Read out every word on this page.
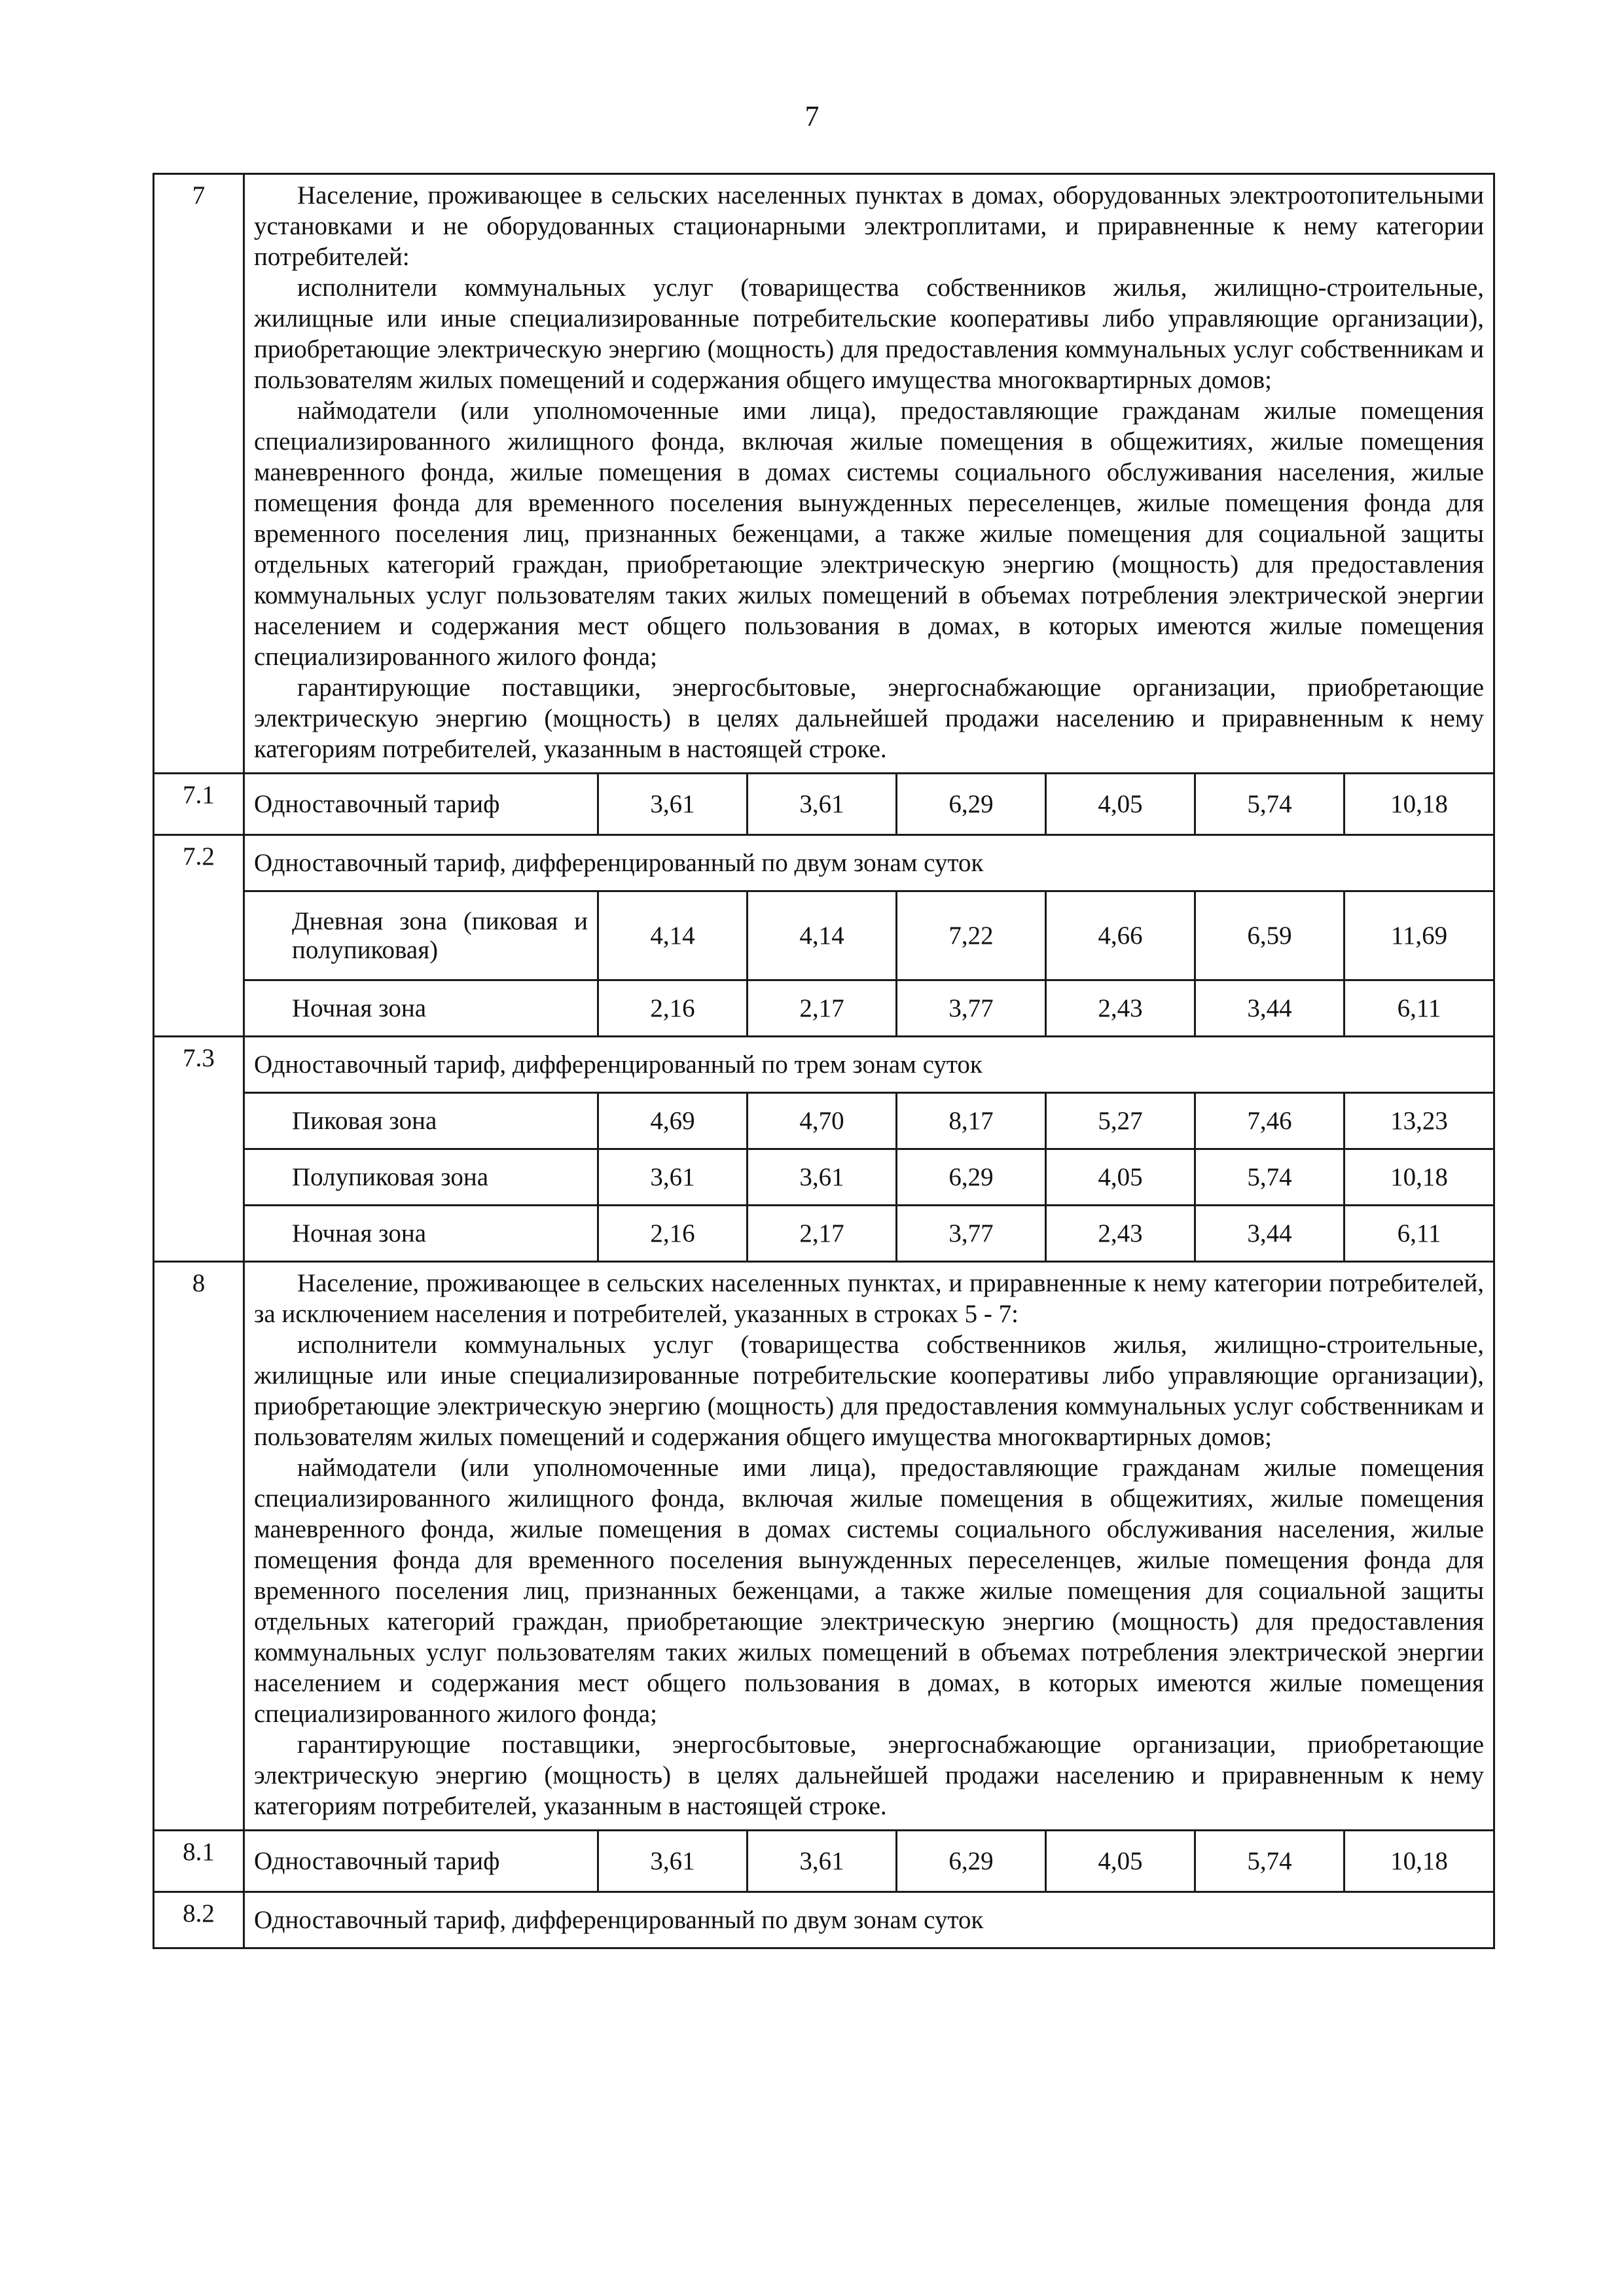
7
7	Население, проживающее в сельских населенных пунктах в домах, оборудованных электроотопительными установками и не оборудованных стационарными электроплитами, и приравненные к нему категории потребителей:

исполнители коммунальных услуг (товарищества собственников жилья, жилищно-строительные, жилищные или иные специализированные потребительские кооперативы либо управляющие организации), приобретающие электрическую энергию (мощность) для предоставления коммунальных услуг собственникам и пользователям жилых помещений и содержания общего имущества многоквартирных домов;

наймодатели (или уполномоченные ими лица), предоставляющие гражданам жилые помещения специализированного жилищного фонда, включая жилые помещения в общежитиях, жилые помещения маневренного фонда, жилые помещения в домах системы социального обслуживания населения, жилые помещения фонда для временного поселения вынужденных переселенцев, жилые помещения фонда для временного поселения лиц, признанных беженцами, а также жилые помещения для социальной защиты отдельных категорий граждан, приобретающие электрическую энергию (мощность) для предоставления коммунальных услуг пользователям таких жилых помещений в объемах потребления электрической энергии населением и содержания мест общего пользования в домах, в которых имеются жилые помещения специализированного жилого фонда;

гарантирующие поставщики, энергосбытовые, энергоснабжающие организации, приобретающие электрическую энергию (мощность) в целях дальнейшей продажи населению и приравненным к нему категориям потребителей, указанным в настоящей строке.						

7.1	Одноставочный тариф	3,61	3,61	6,29	4,05	5,74	10,18
7.2	Одноставочный тариф, дифференцированный по двум зонам суток						
	Дневная зона (пиковая и полупиковая)	4,14	4,14	7,22	4,66	6,59	11,69
	Ночная зона	2,16	2,17	3,77	2,43	3,44	6,11
7.3	Одноставочный тариф, дифференцированный по трем зонам суток						
	Пиковая зона	4,69	4,70	8,17	5,27	7,46	13,23
	Полупиковая зона	3,61	3,61	6,29	4,05	5,74	10,18
	Ночная зона	2,16	2,17	3,77	2,43	3,44	6,11
8	Население, проживающее в сельских населенных пунктах, и приравненные к нему категории потребителей, за исключением населения и потребителей, указанных в строках 5 - 7:

исполнители коммунальных услуг (товарищества собственников жилья, жилищно-строительные, жилищные или иные специализированные потребительские кооперативы либо управляющие организации), приобретающие электрическую энергию (мощность) для предоставления коммунальных услуг собственникам и пользователям жилых помещений и содержания общего имущества многоквартирных домов;

наймодатели (или уполномоченные ими лица), предоставляющие гражданам жилые помещения специализированного жилищного фонда, включая жилые помещения в общежитиях, жилые помещения маневренного фонда, жилые помещения в домах системы социального обслуживания населения, жилые помещения фонда для временного поселения вынужденных переселенцев, жилые помещения фонда для временного поселения лиц, признанных беженцами, а также жилые помещения для социальной защиты отдельных категорий граждан, приобретающие электрическую энергию (мощность) для предоставления коммунальных услуг пользователям таких жилых помещений в объемах потребления электрической энергии населением и содержания мест общего пользования в домах, в которых имеются жилые помещения специализированного жилого фонда;

гарантирующие поставщики, энергосбытовые, энергоснабжающие организации, приобретающие электрическую энергию (мощность) в целях дальнейшей продажи населению и приравненным к нему категориям потребителей, указанным в настоящей строке.						

8.1	Одноставочный тариф	3,61	3,61	6,29	4,05	5,74	10,18
8.2	Одноставочный тариф, дифференцированный по двум зонам суток						
